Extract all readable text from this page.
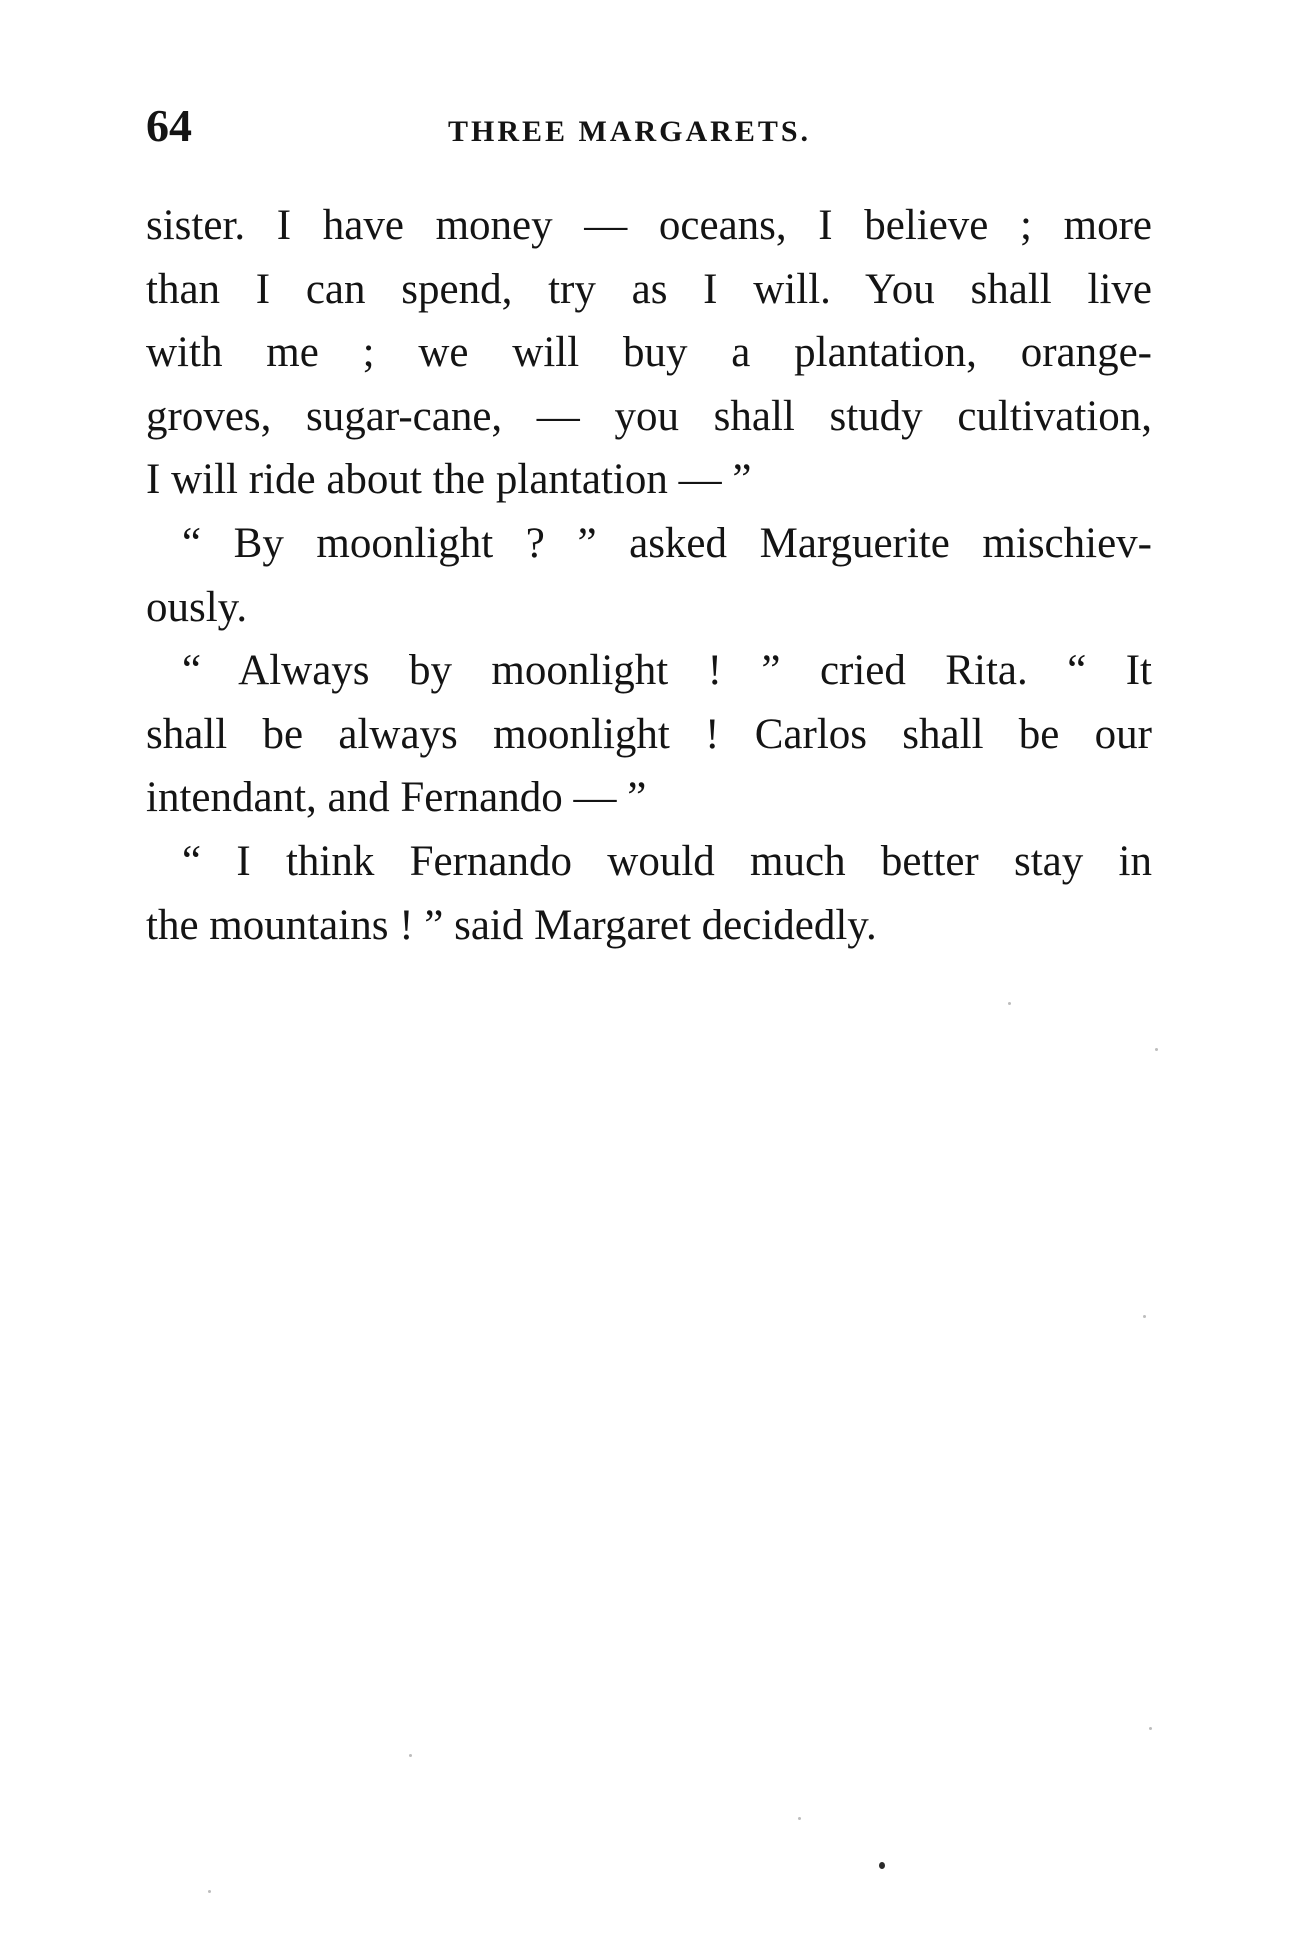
64	THREE MARGARETS.
sister. I have money — oceans, I believe ; more
than I can spend, try as I will. You shall live
with me ; we will buy a plantation, orange-
groves, sugar-cane, — you shall study cultivation,
I will ride about the plantation — ”
“ By moonlight ? ” asked Marguerite mischiev-
ously.
“ Always by moonlight ! ” cried Rita. “ It
shall be always moonlight ! Carlos shall be our
intendant, and Fernando — ”
“ I think Fernando would much better stay in
the mountains ! ” said Margaret decidedly.
